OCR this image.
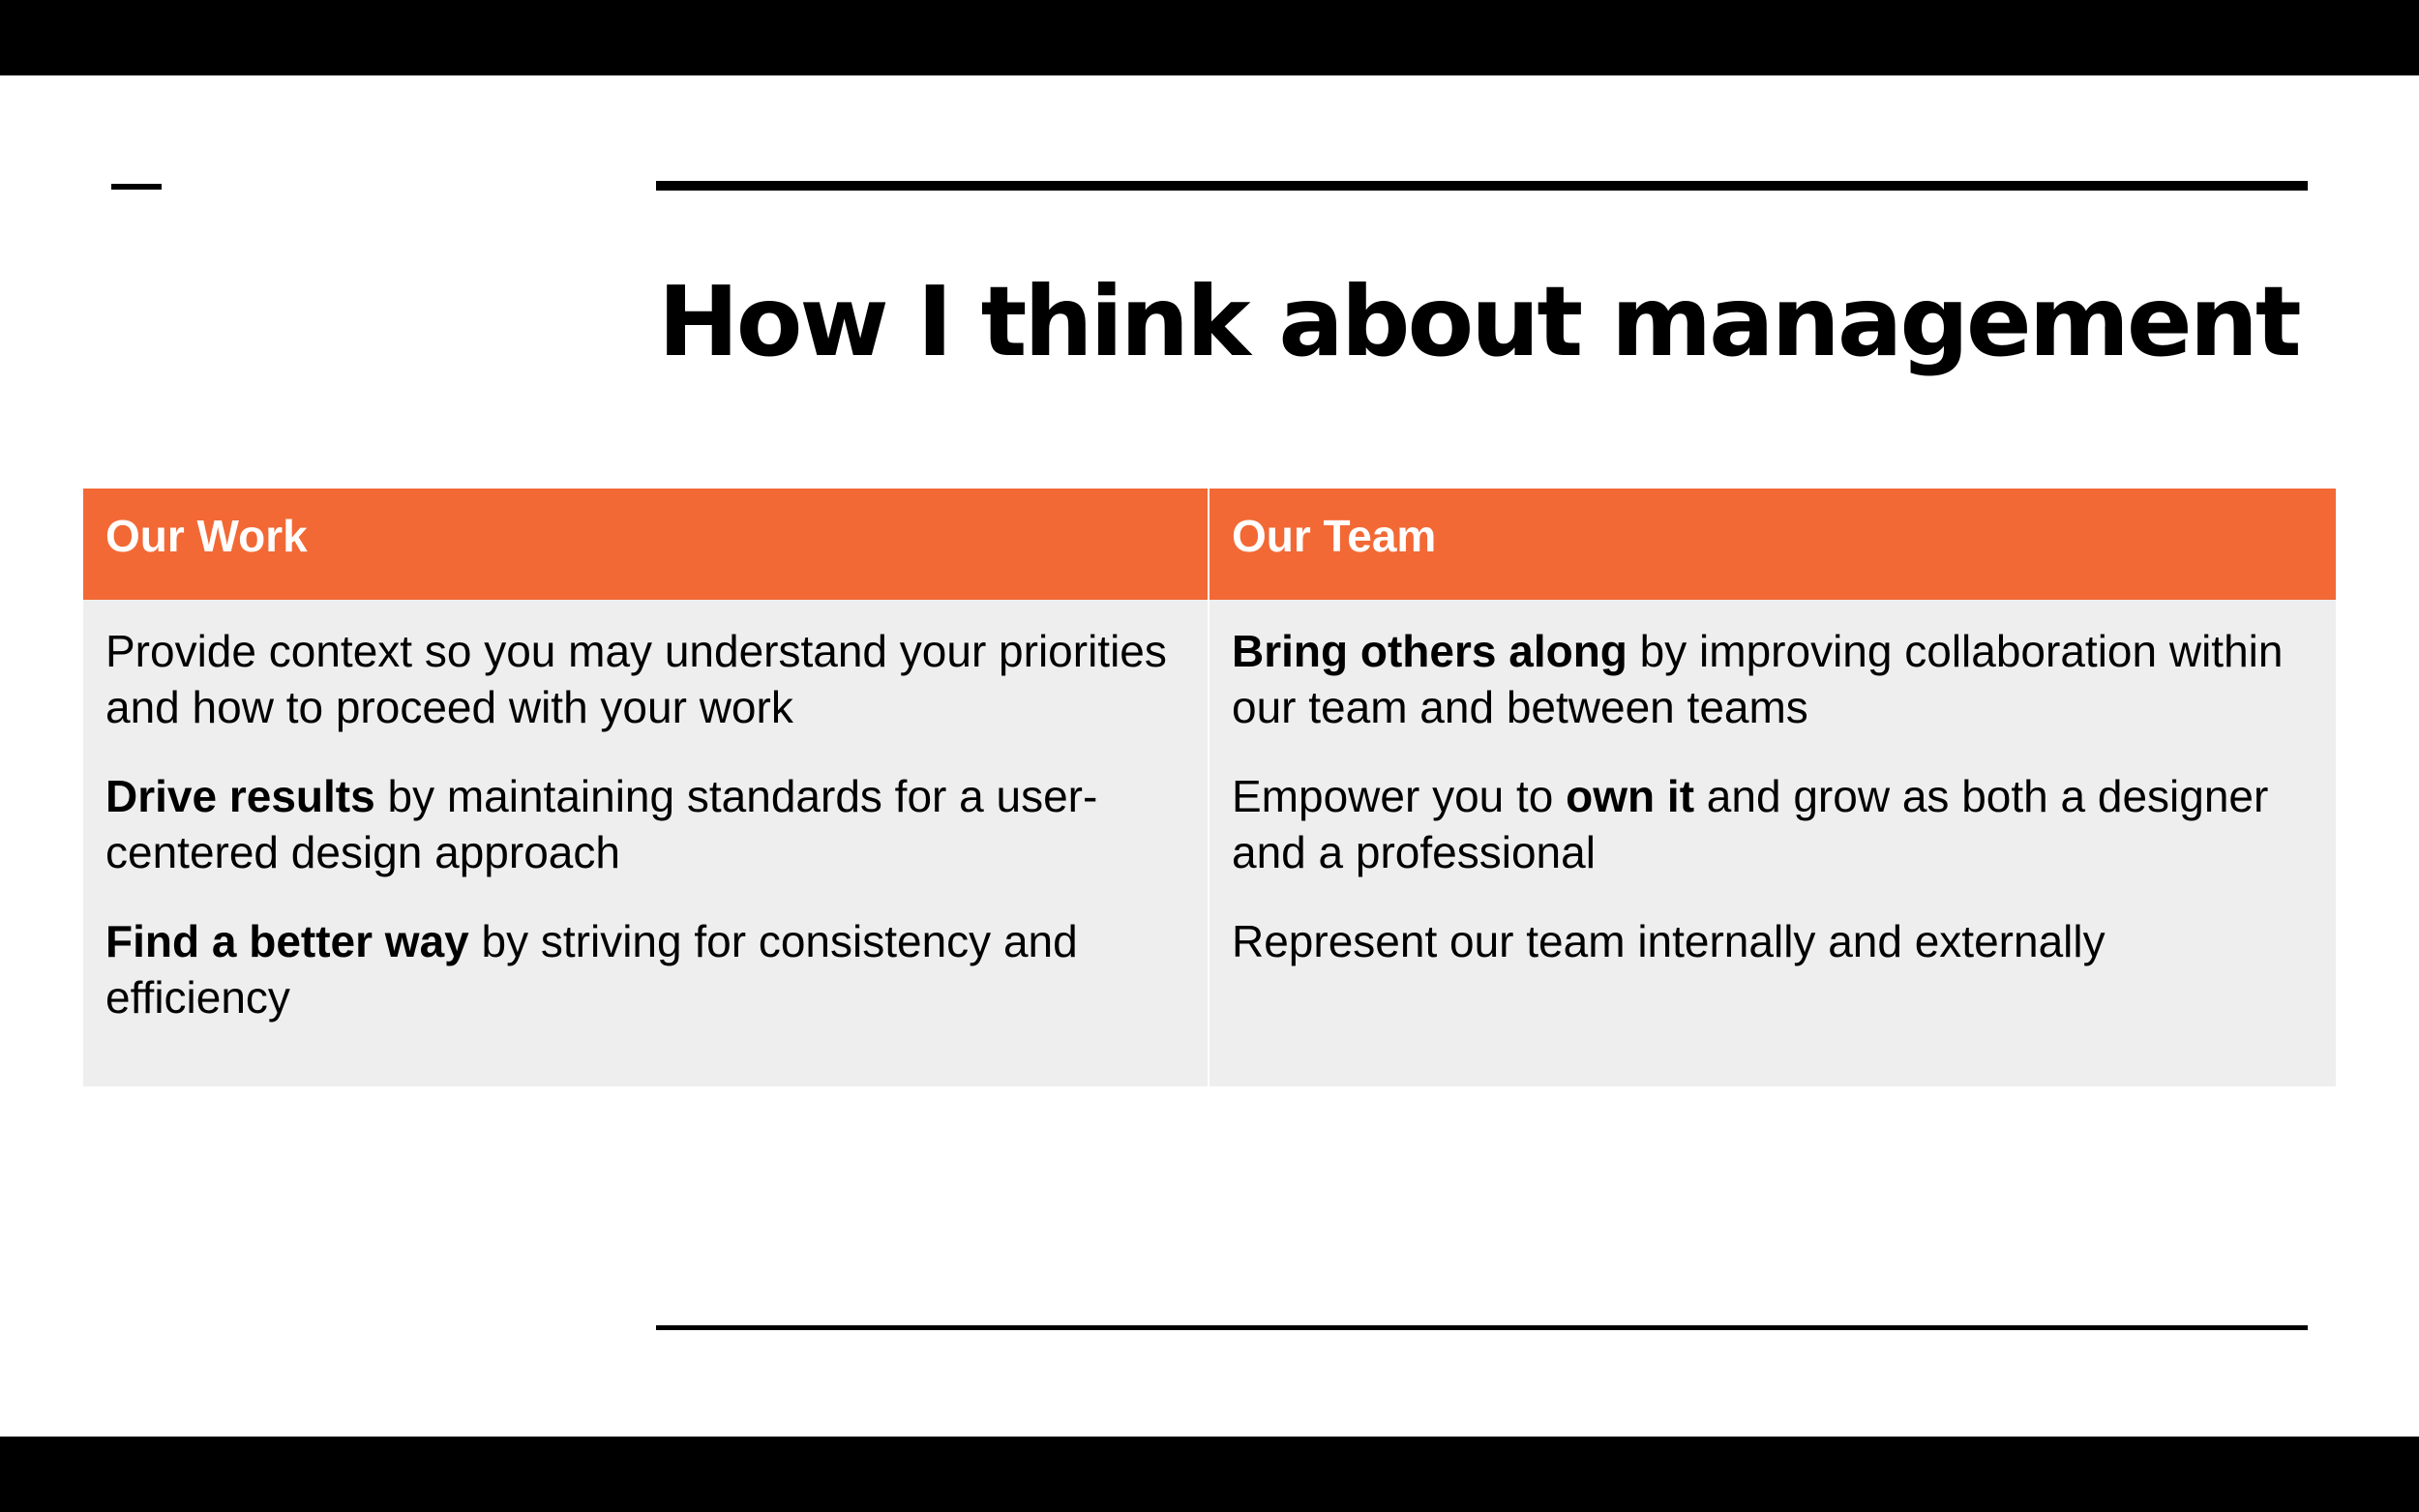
How I think about management
Our Work	Our Team

Provide context so you may understand your priorities and how to proceed with your work

Drive results by maintaining standards for a user-centered design approach

Find a better way by striving for consistency and efficiency

Bring others along by improving collaboration within our team and between teams

Empower you to own it and grow as both a designer and a professional

Represent our team internally and externally
